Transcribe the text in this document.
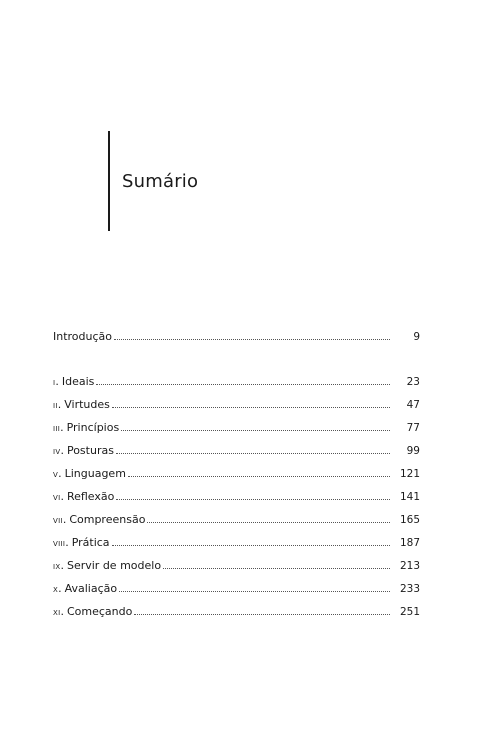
Sumário
Introdução	9
i . Ideais	23
ii . Virtudes	47
iii . Princípios	77
iv . Posturas	99
v . Linguagem	121
vi . Reflexão	141
vii . Compreensão	165
viii . Prática	187
ix . Servir de modelo	213
x . Avaliação	233
xi . Começando	251
